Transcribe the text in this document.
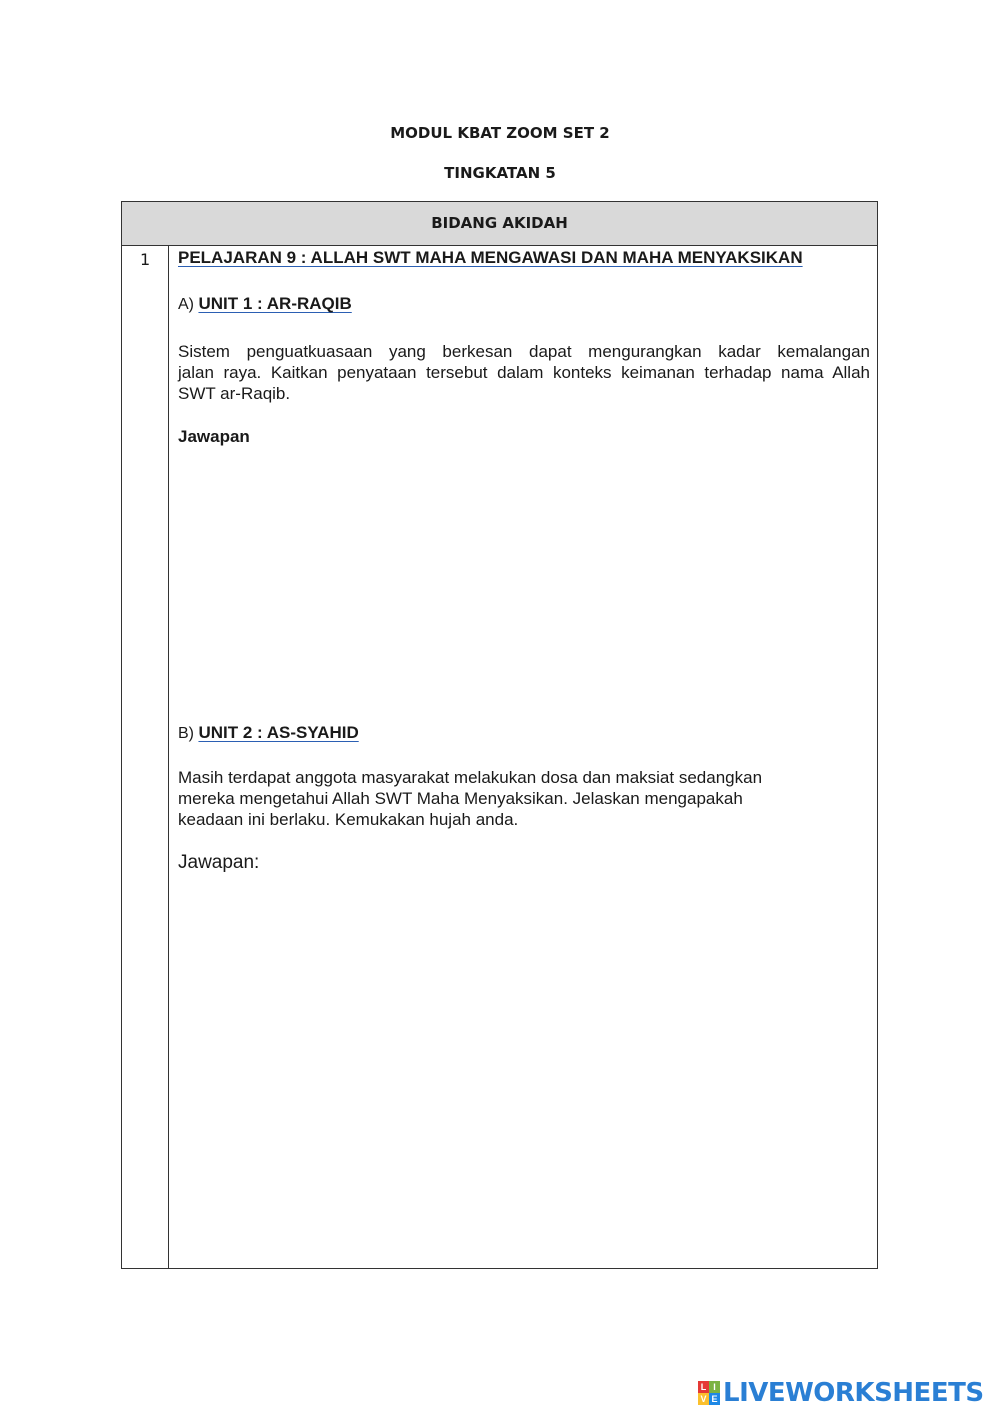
MODUL KBAT ZOOM SET 2
TINGKATAN 5
BIDANG AKIDAH
1 PELAJARAN 9 : ALLAH SWT MAHA MENGAWASI DAN MAHA MENYAKSIKAN
A) UNIT 1 : AR-RAQIB
Sistem penguatkuasaan yang berkesan dapat mengurangkan kadar kemalangan
jalan raya. Kaitkan penyataan tersebut dalam konteks keimanan terhadap nama Allah
SWT ar-Raqib.
Jawapan
B) UNIT 2 : AS-SYAHID
Masih terdapat anggota masyarakat melakukan dosa dan maksiat sedangkan
mereka mengetahui Allah SWT Maha Menyaksikan. Jelaskan mengapakah
keadaan ini berlaku. Kemukakan hujah anda.
Jawapan:
L I
V E LIVEWORKSHEETS
